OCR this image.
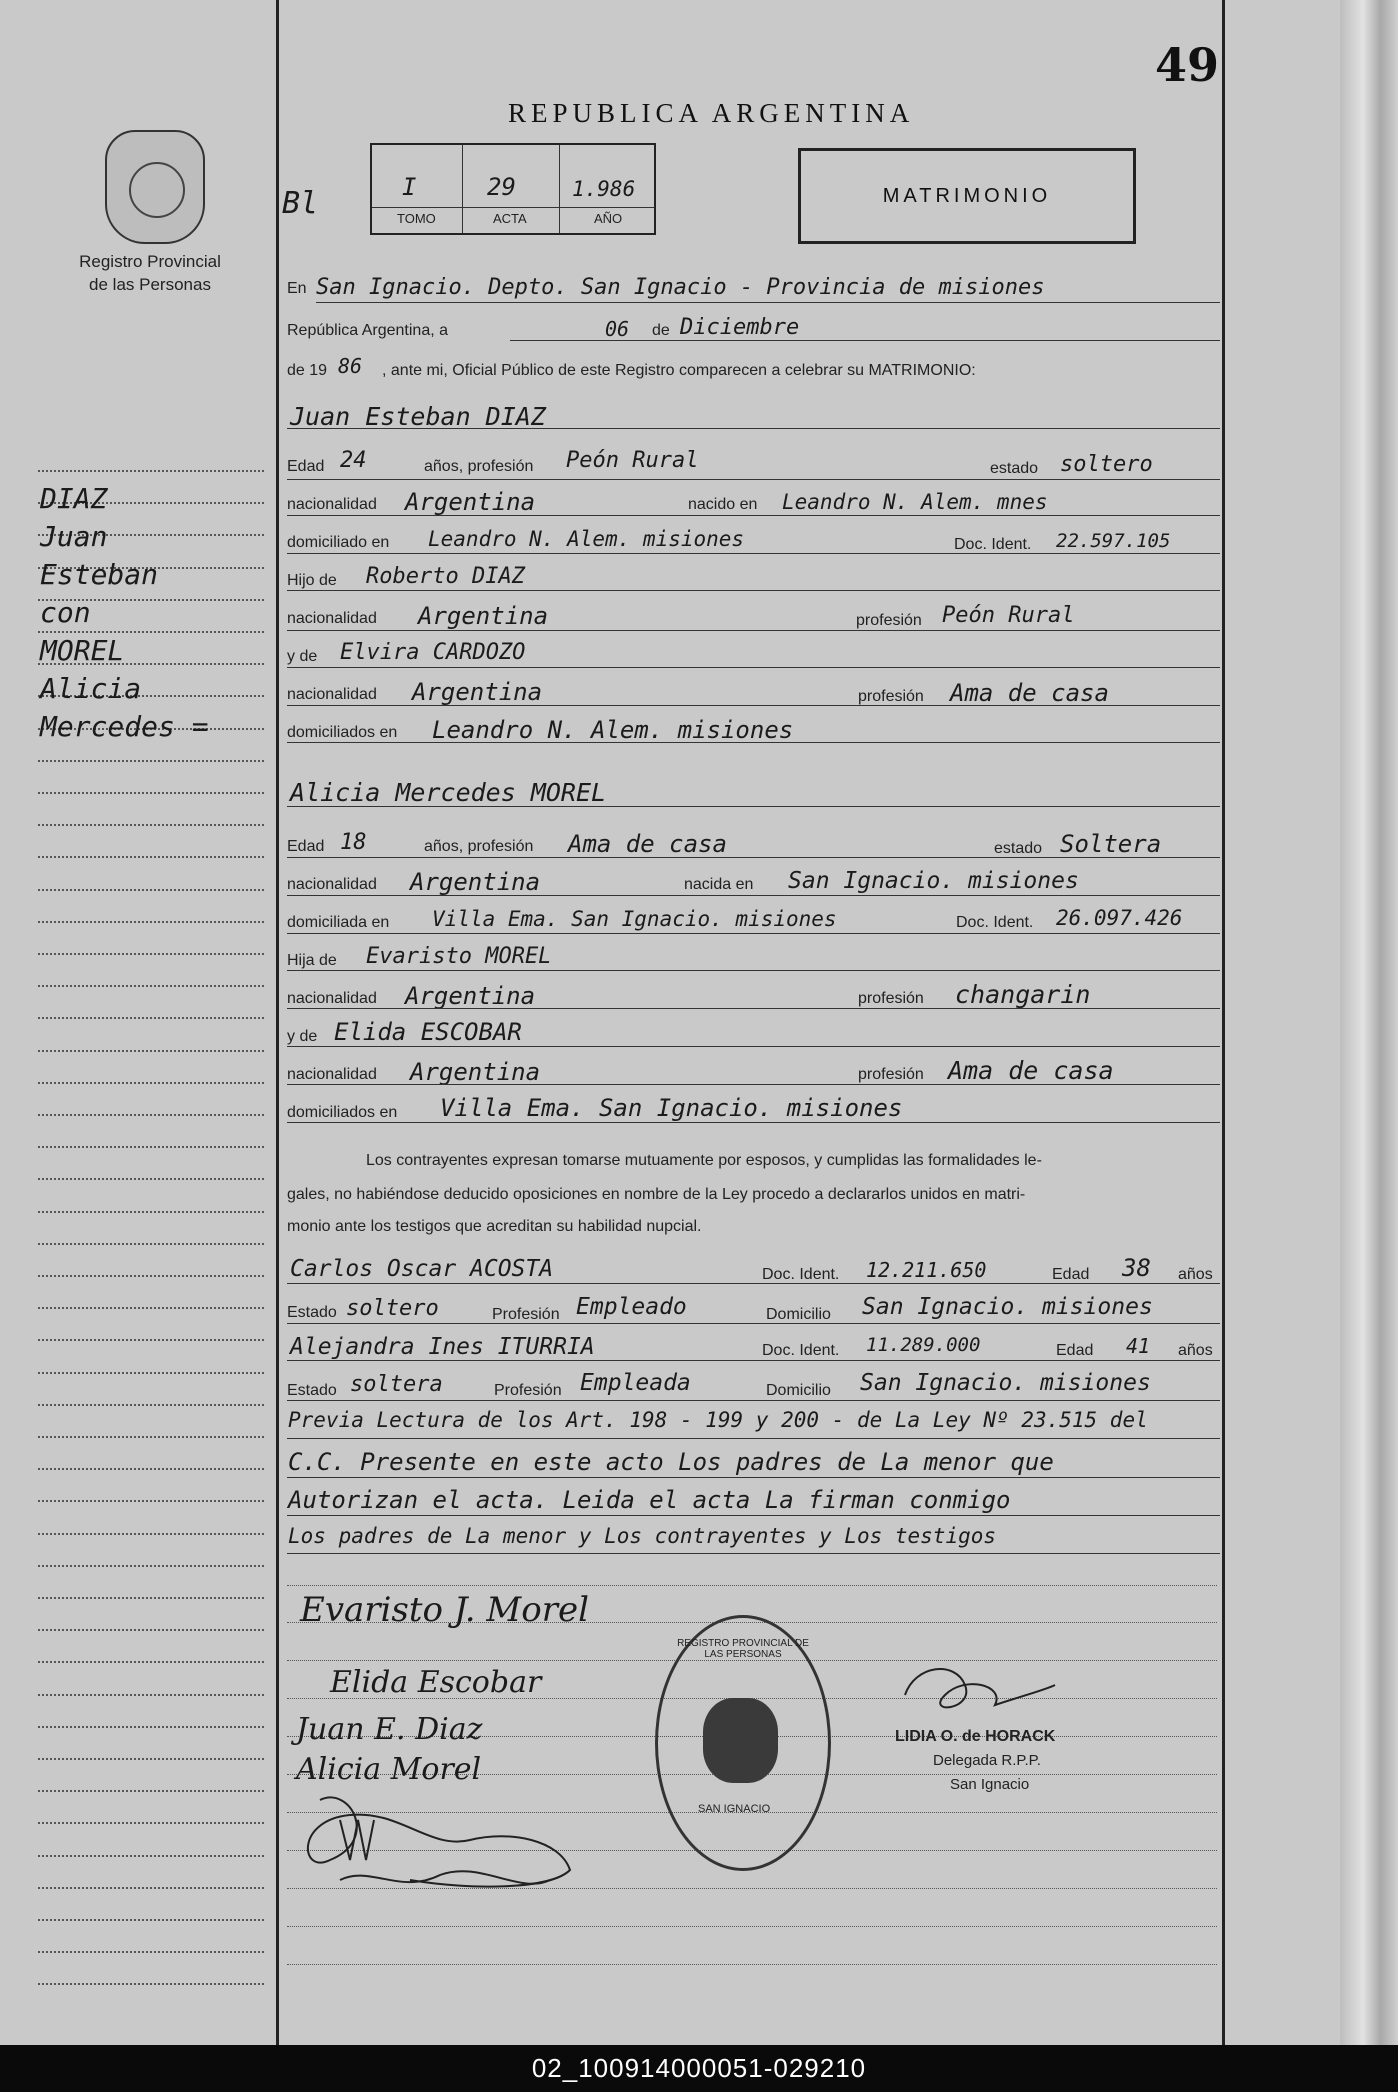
49
REPUBLICA ARGENTINA
Registro Provincial
de las Personas
I	29	1.986
TOMO	ACTA	AÑO
Bl	MATRIMONIO
En San Ignacio. Depto. San Ignacio - Provincia de misiones
República Argentina, a	06 de Diciembre
de 19 86 , ante mi, Oficial Público de este Registro comparecen a celebrar su MATRIMONIO:
DIAZ
Juan
Esteban
con
MOREL
Alicia
Mercedes =
Juan Esteban DIAZ
Edad 24	años, profesión Peón Rural	estado soltero
nacionalidad Argentina	nacido en Leandro N. Alem. mnes
domiciliado en Leandro N. Alem. misiones	Doc. Ident. 22.597.105
Hijo de Roberto DIAZ
nacionalidad Argentina	profesión Peón Rural
y de Elvira CARDOZO
nacionalidad Argentina	profesión Ama de casa
domiciliados en Leandro N. Alem. misiones
Alicia Mercedes MOREL
Edad 18	años, profesión Ama de casa	estado Soltera
nacionalidad Argentina	nacida en San Ignacio. misiones
domiciliada en Villa Ema. San Ignacio. misiones	Doc. Ident. 26.097.426
Hija de Evaristo MOREL
nacionalidad Argentina	profesión changarin
y de Elida ESCOBAR
nacionalidad Argentina	profesión Ama de casa
domiciliados en Villa Ema. San Ignacio. misiones
Los contrayentes expresan tomarse mutuamente por esposos, y cumplidas las formalidades le-
gales, no habiéndose deducido oposiciones en nombre de la Ley procedo a declararlos unidos en matri-
monio ante los testigos que acreditan su habilidad nupcial.
Carlos Oscar ACOSTA	Doc. Ident. 12.211.650	Edad 38 años
Estado soltero	Profesión Empleado	Domicilio San Ignacio. misiones
Alejandra Ines ITURRIA	Doc. Ident. 11.289.000	Edad 41 años
Estado soltera	Profesión Empleada	Domicilio San Ignacio. misiones
Previa Lectura de los Art. 198 - 199 y 200 - de La Ley Nº 23.515 del
C.C. Presente en este acto Los padres de La menor que
Autorizan el acta. Leida el acta La firman conmigo
Los padres de La menor y Los contrayentes y Los testigos
Evaristo J. Morel
Elida Escobar
Juan E. Diaz
Alicia Morel
REGISTRO PROVINCIAL DE LAS PERSONAS
SAN IGNACIO
LIDIA O. de HORACK
Delegada R.P.P.
San Ignacio
02_100914000051-029210
